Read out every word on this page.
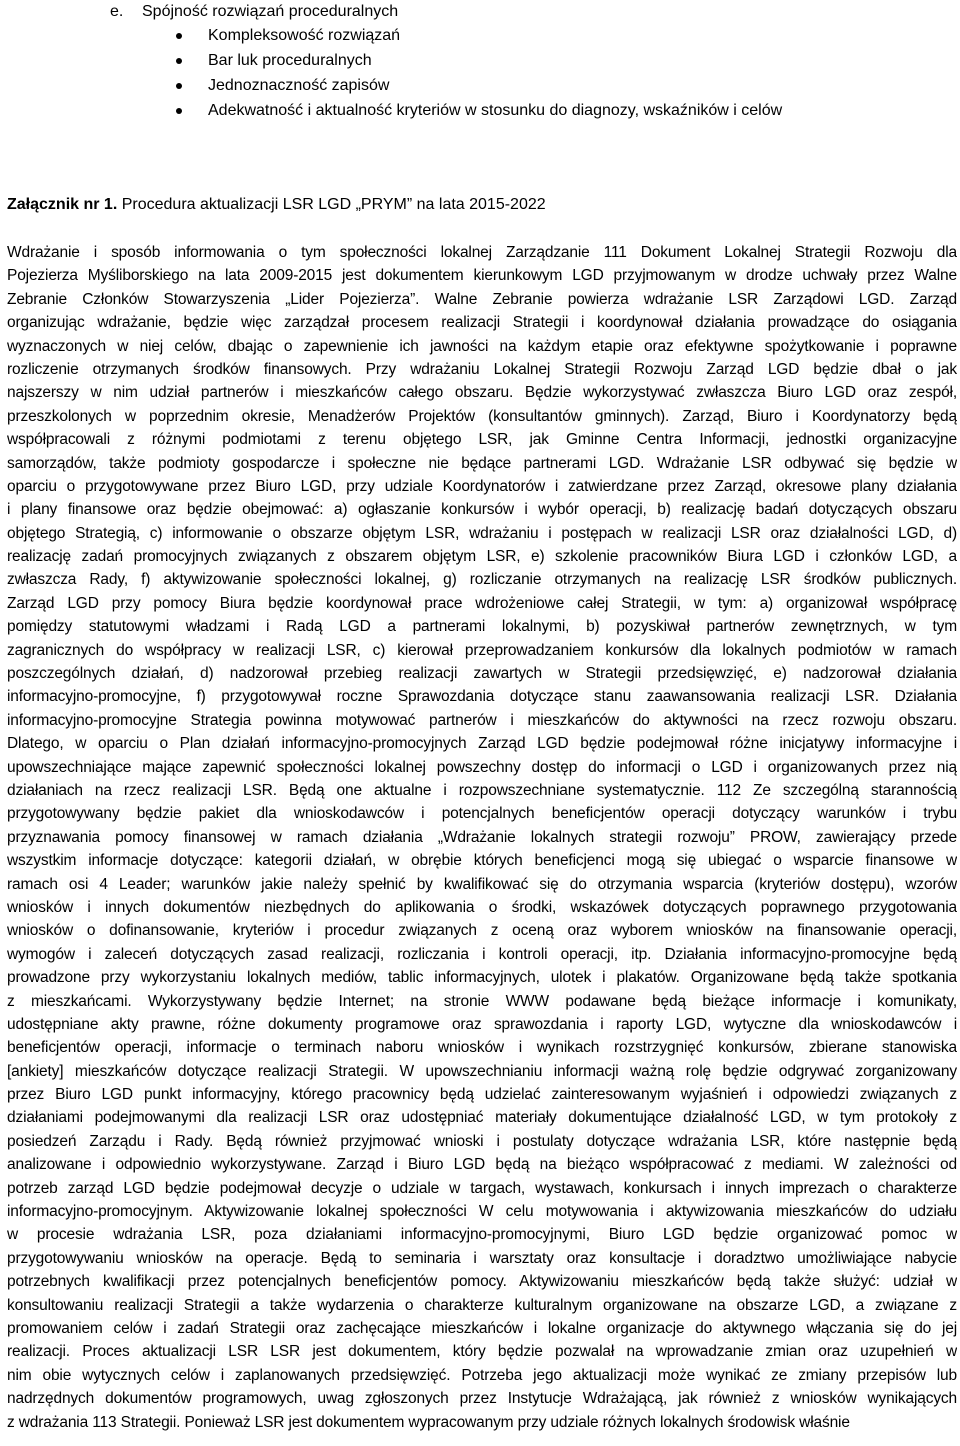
e. Spójność rozwiązań proceduralnych
Kompleksowość rozwiązań
Bar luk proceduralnych
Jednoznaczność zapisów
Adekwatność i aktualność kryteriów w stosunku do diagnozy, wskaźników i celów
Załącznik nr 1. Procedura aktualizacji LSR LGD „PRYM” na lata 2015-2022
Wdrażanie i sposób informowania o tym społeczności lokalnej Zarządzanie 111 Dokument Lokalnej Strategii Rozwoju dla
Pojezierza Myśliborskiego na lata 2009-2015 jest dokumentem kierunkowym LGD przyjmowanym w drodze uchwały przez Walne
Zebranie Członków Stowarzyszenia „Lider Pojezierza”. Walne Zebranie powierza wdrażanie LSR Zarządowi LGD. Zarząd
organizując wdrażanie, będzie więc zarządzał procesem realizacji Strategii i koordynował działania prowadzące do osiągania
wyznaczonych w niej celów, dbając o zapewnienie ich jawności na każdym etapie oraz efektywne spożytkowanie i poprawne
rozliczenie otrzymanych środków finansowych. Przy wdrażaniu Lokalnej Strategii Rozwoju Zarząd LGD będzie dbał o jak
najszerszy w nim udział partnerów i mieszkańców całego obszaru. Będzie wykorzystywać zwłaszcza Biuro LGD oraz zespół,
przeszkolonych w poprzednim okresie, Menadżerów Projektów (konsultantów gminnych). Zarząd, Biuro i Koordynatorzy będą
współpracowali z różnymi podmiotami z terenu objętego LSR, jak Gminne Centra Informacji, jednostki organizacyjne
samorządów, także podmioty gospodarcze i społeczne nie będące partnerami LGD. Wdrażanie LSR odbywać się będzie w
oparciu o przygotowywane przez Biuro LGD, przy udziale Koordynatorów i zatwierdzane przez Zarząd, okresowe plany działania
i plany finansowe oraz będzie obejmować: a) ogłaszanie konkursów i wybór operacji, b) realizację badań dotyczących obszaru
objętego Strategią, c) informowanie o obszarze objętym LSR, wdrażaniu i postępach w realizacji LSR oraz działalności LGD, d)
realizację zadań promocyjnych związanych z obszarem objętym LSR, e) szkolenie pracowników Biura LGD i członków LGD, a
zwłaszcza Rady, f) aktywizowanie społeczności lokalnej, g) rozliczanie otrzymanych na realizację LSR środków publicznych.
Zarząd LGD przy pomocy Biura będzie koordynował prace wdrożeniowe całej Strategii, w tym: a) organizował współpracę
pomiędzy statutowymi władzami i Radą LGD a partnerami lokalnymi, b) pozyskiwał partnerów zewnętrznych, w tym
zagranicznych do współpracy w realizacji LSR, c) kierował przeprowadzaniem konkursów dla lokalnych podmiotów w ramach
poszczególnych działań, d) nadzorował przebieg realizacji zawartych w Strategii przedsięwzięć, e) nadzorował działania
informacyjno-promocyjne, f) przygotowywał roczne Sprawozdania dotyczące stanu zaawansowania realizacji LSR. Działania
informacyjno-promocyjne Strategia powinna motywować partnerów i mieszkańców do aktywności na rzecz rozwoju obszaru.
Dlatego, w oparciu o Plan działań informacyjno-promocyjnych Zarząd LGD będzie podejmował różne inicjatywy informacyjne i
upowszechniające mające zapewnić społeczności lokalnej powszechny dostęp do informacji o LGD i organizowanych przez nią
działaniach na rzecz realizacji LSR. Będą one aktualne i rozpowszechniane systematycznie. 112 Ze szczególną starannością
przygotowywany będzie pakiet dla wnioskodawców i potencjalnych beneficjentów operacji dotyczący warunków i trybu
przyznawania pomocy finansowej w ramach działania „Wdrażanie lokalnych strategii rozwoju” PROW, zawierający przede
wszystkim informacje dotyczące: kategorii działań, w obrębie których beneficjenci mogą się ubiegać o wsparcie finansowe w
ramach osi 4 Leader; warunków jakie należy spełnić by kwalifikować się do otrzymania wsparcia (kryteriów dostępu), wzorów
wniosków i innych dokumentów niezbędnych do aplikowania o środki, wskazówek dotyczących poprawnego przygotowania
wniosków o dofinansowanie, kryteriów i procedur związanych z oceną oraz wyborem wniosków na finansowanie operacji,
wymogów i zaleceń dotyczących zasad realizacji, rozliczania i kontroli operacji, itp. Działania informacyjno-promocyjne będą
prowadzone przy wykorzystaniu lokalnych mediów, tablic informacyjnych, ulotek i plakatów. Organizowane będą także spotkania
z mieszkańcami. Wykorzystywany będzie Internet; na stronie WWW podawane będą bieżące informacje i komunikaty,
udostępniane akty prawne, różne dokumenty programowe oraz sprawozdania i raporty LGD, wytyczne dla wnioskodawców i
beneficjentów operacji, informacje o terminach naboru wniosków i wynikach rozstrzygnięć konkursów, zbierane stanowiska
[ankiety] mieszkańców dotyczące realizacji Strategii. W upowszechnianiu informacji ważną rolę będzie odgrywać zorganizowany
przez Biuro LGD punkt informacyjny, którego pracownicy będą udzielać zainteresowanym wyjaśnień i odpowiedzi związanych z
działaniami podejmowanymi dla realizacji LSR oraz udostępniać materiały dokumentujące działalność LGD, w tym protokoły z
posiedzeń Zarządu i Rady. Będą również przyjmować wnioski i postulaty dotyczące wdrażania LSR, które następnie będą
analizowane i odpowiednio wykorzystywane. Zarząd i Biuro LGD będą na bieżąco współpracować z mediami. W zależności od
potrzeb zarząd LGD będzie podejmował decyzje o udziale w targach, wystawach, konkursach i innych imprezach o charakterze
informacyjno-promocyjnym. Aktywizowanie lokalnej społeczności W celu motywowania i aktywizowania mieszkańców do udziału
w procesie wdrażania LSR, poza działaniami informacyjno-promocyjnymi, Biuro LGD będzie organizować pomoc w
przygotowywaniu wniosków na operacje. Będą to seminaria i warsztaty oraz konsultacje i doradztwo umożliwiające nabycie
potrzebnych kwalifikacji przez potencjalnych beneficjentów pomocy. Aktywizowaniu mieszkańców będą także służyć: udział w
konsultowaniu realizacji Strategii a także wydarzenia o charakterze kulturalnym organizowane na obszarze LGD, a związane z
promowaniem celów i zadań Strategii oraz zachęcające mieszkańców i lokalne organizacje do aktywnego włączania się do jej
realizacji. Proces aktualizacji LSR LSR jest dokumentem, który będzie pozwalał na wprowadzanie zmian oraz uzupełnień w
nim obie wytycznych celów i zaplanowanych przedsięwzięć. Potrzeba jego aktualizacji może wynikać ze zmiany przepisów lub
nadrzędnych dokumentów programowych, uwag zgłoszonych przez Instytucje Wdrażającą, jak również z wniosków wynikających
z wdrażania 113 Strategii. Ponieważ LSR jest dokumentem wypracowanym przy udziale różnych lokalnych środowisk właśnie
